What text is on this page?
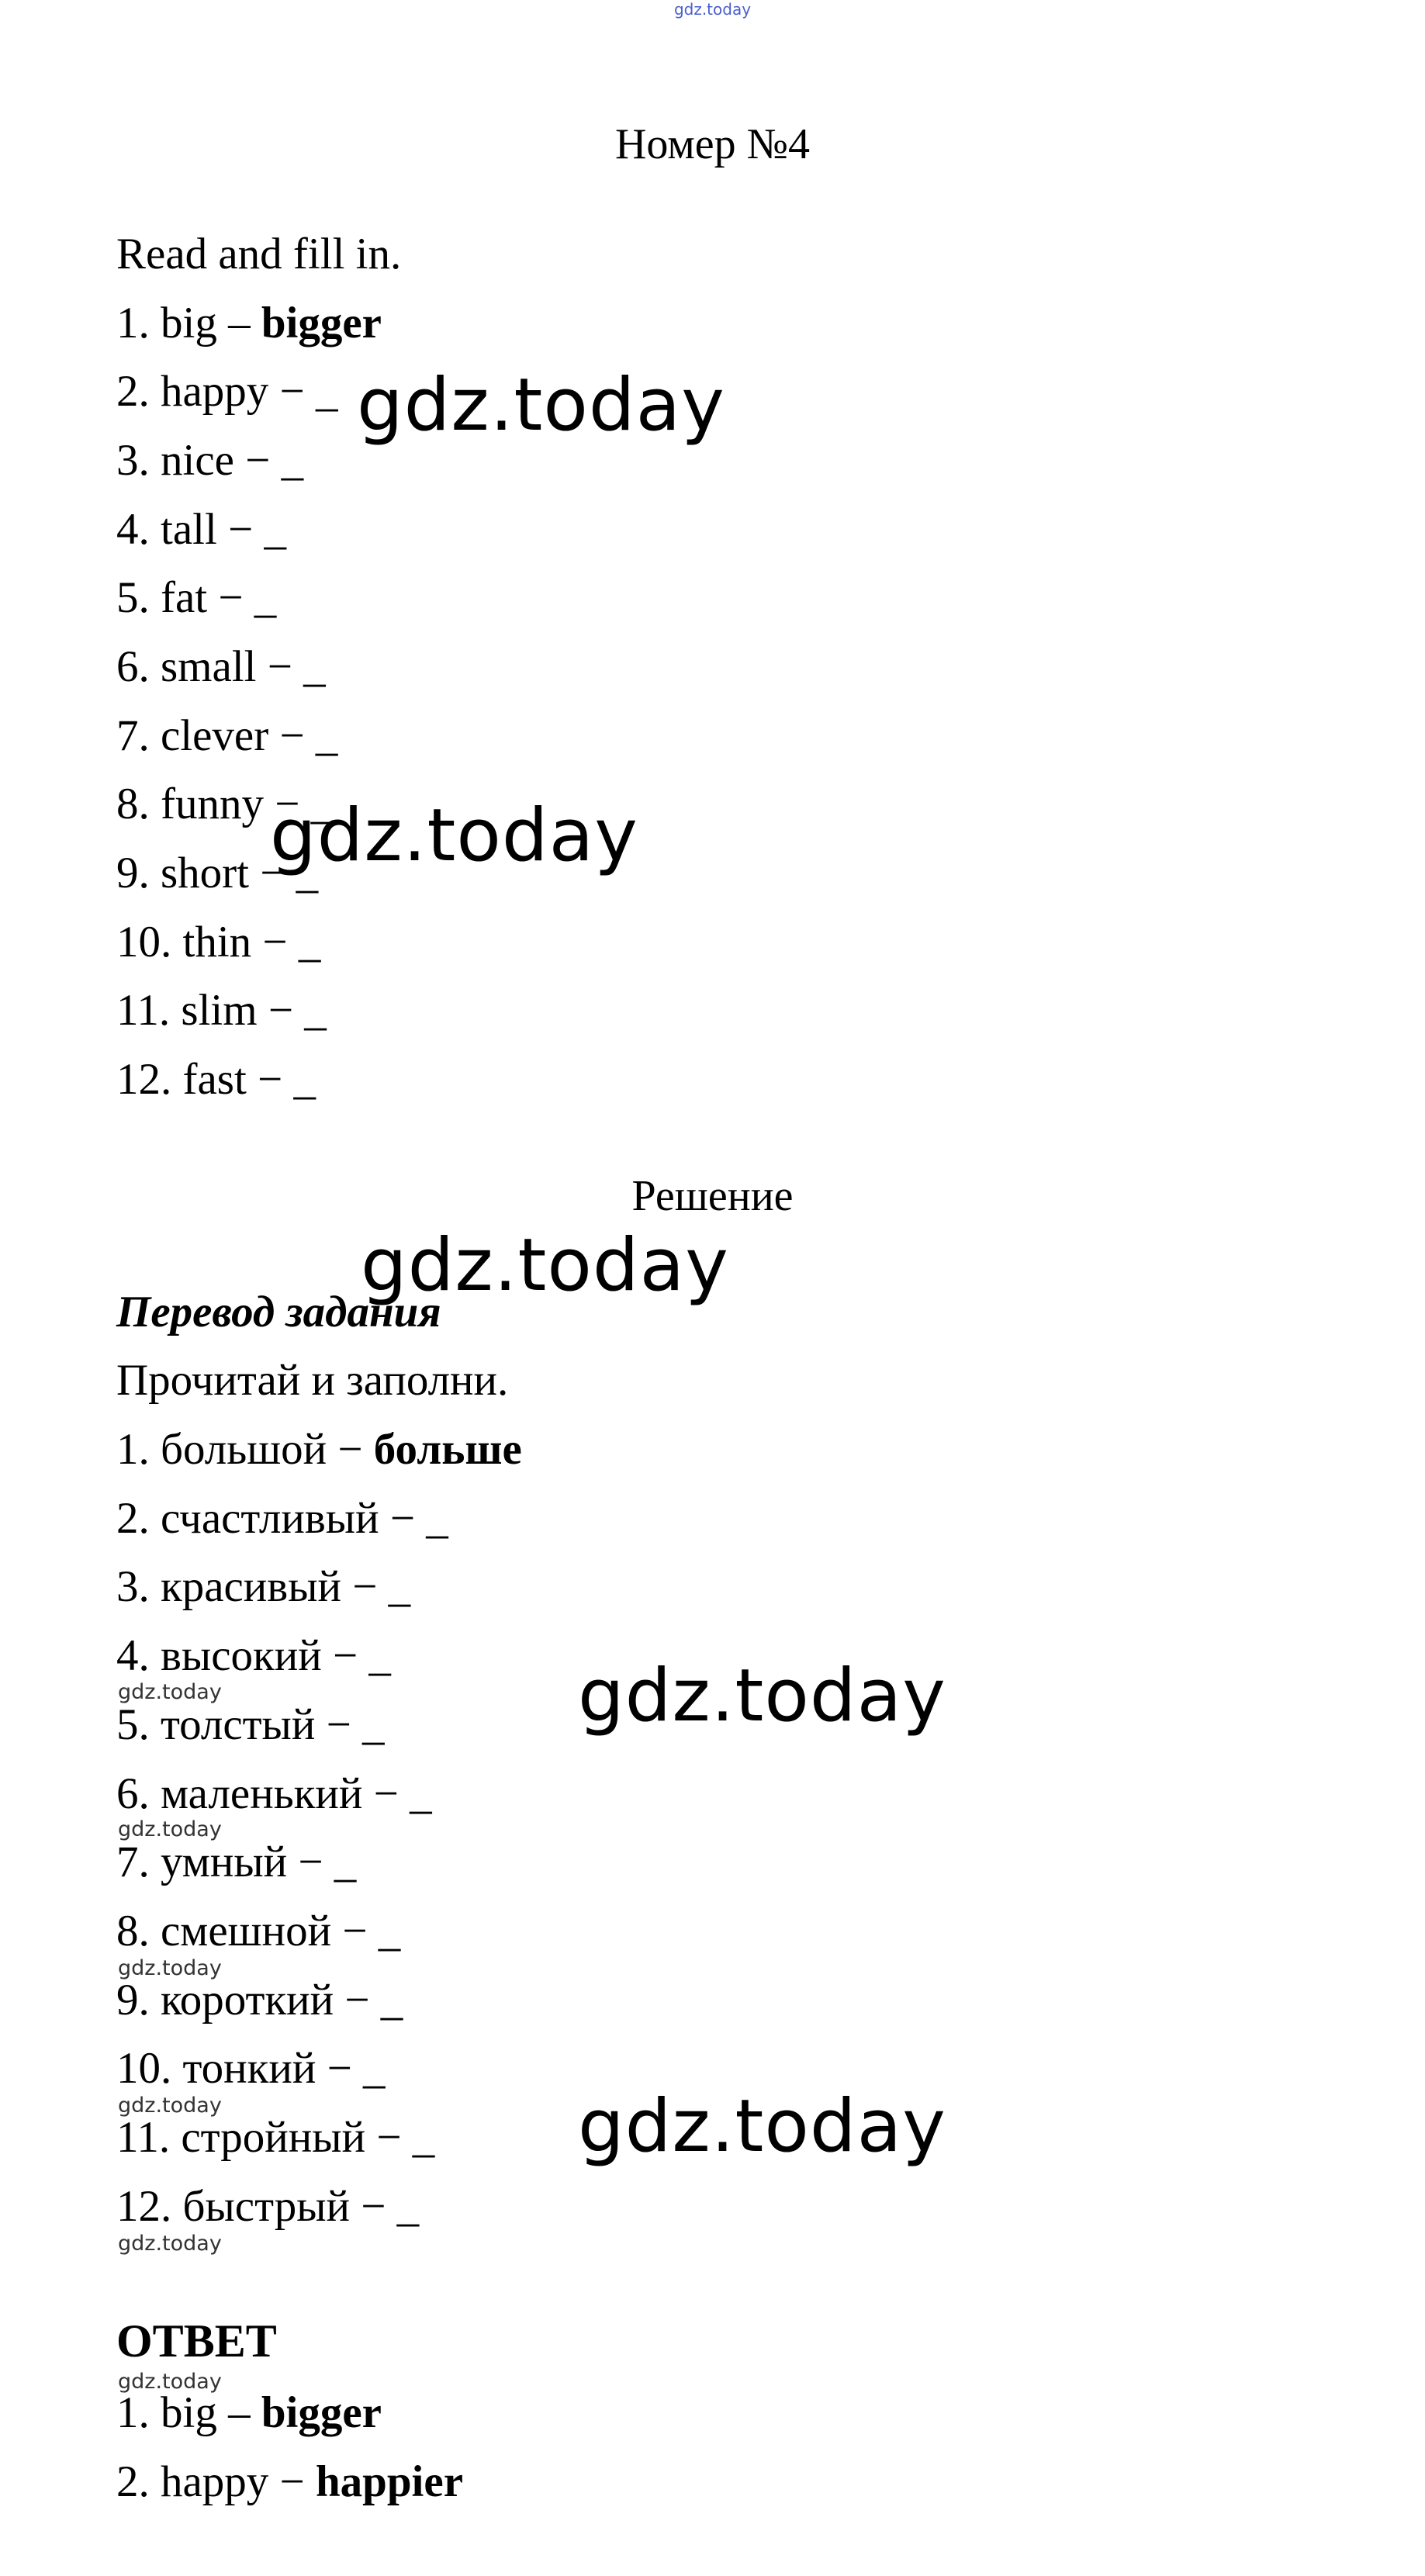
gdz.today
Номер №4
Read and fill in.
1. big – bigger
2. happy − _
3. nice − _
4. tall − _
5. fat − _
6. small − _
7. clever − _
8. funny − _
9. short − _
10. thin − _
11. slim − _
12. fast − _
Решение
Перевод задания
Прочитай и заполни.
1. большой − больше
2. счастливый − _
3. красивый − _
4. высокий − _
5. толстый − _
6. маленький − _
7. умный − _
8. смешной − _
9. короткий − _
10. тонкий − _
11. стройный − _
12. быстрый − _
ОТВЕТ
1. big – bigger
2. happy − happier
gdz.today
gdz.today
gdz.today
gdz.today
gdz.today
gdz.today
gdz.today
gdz.today
gdz.today
gdz.today
gdz.today
